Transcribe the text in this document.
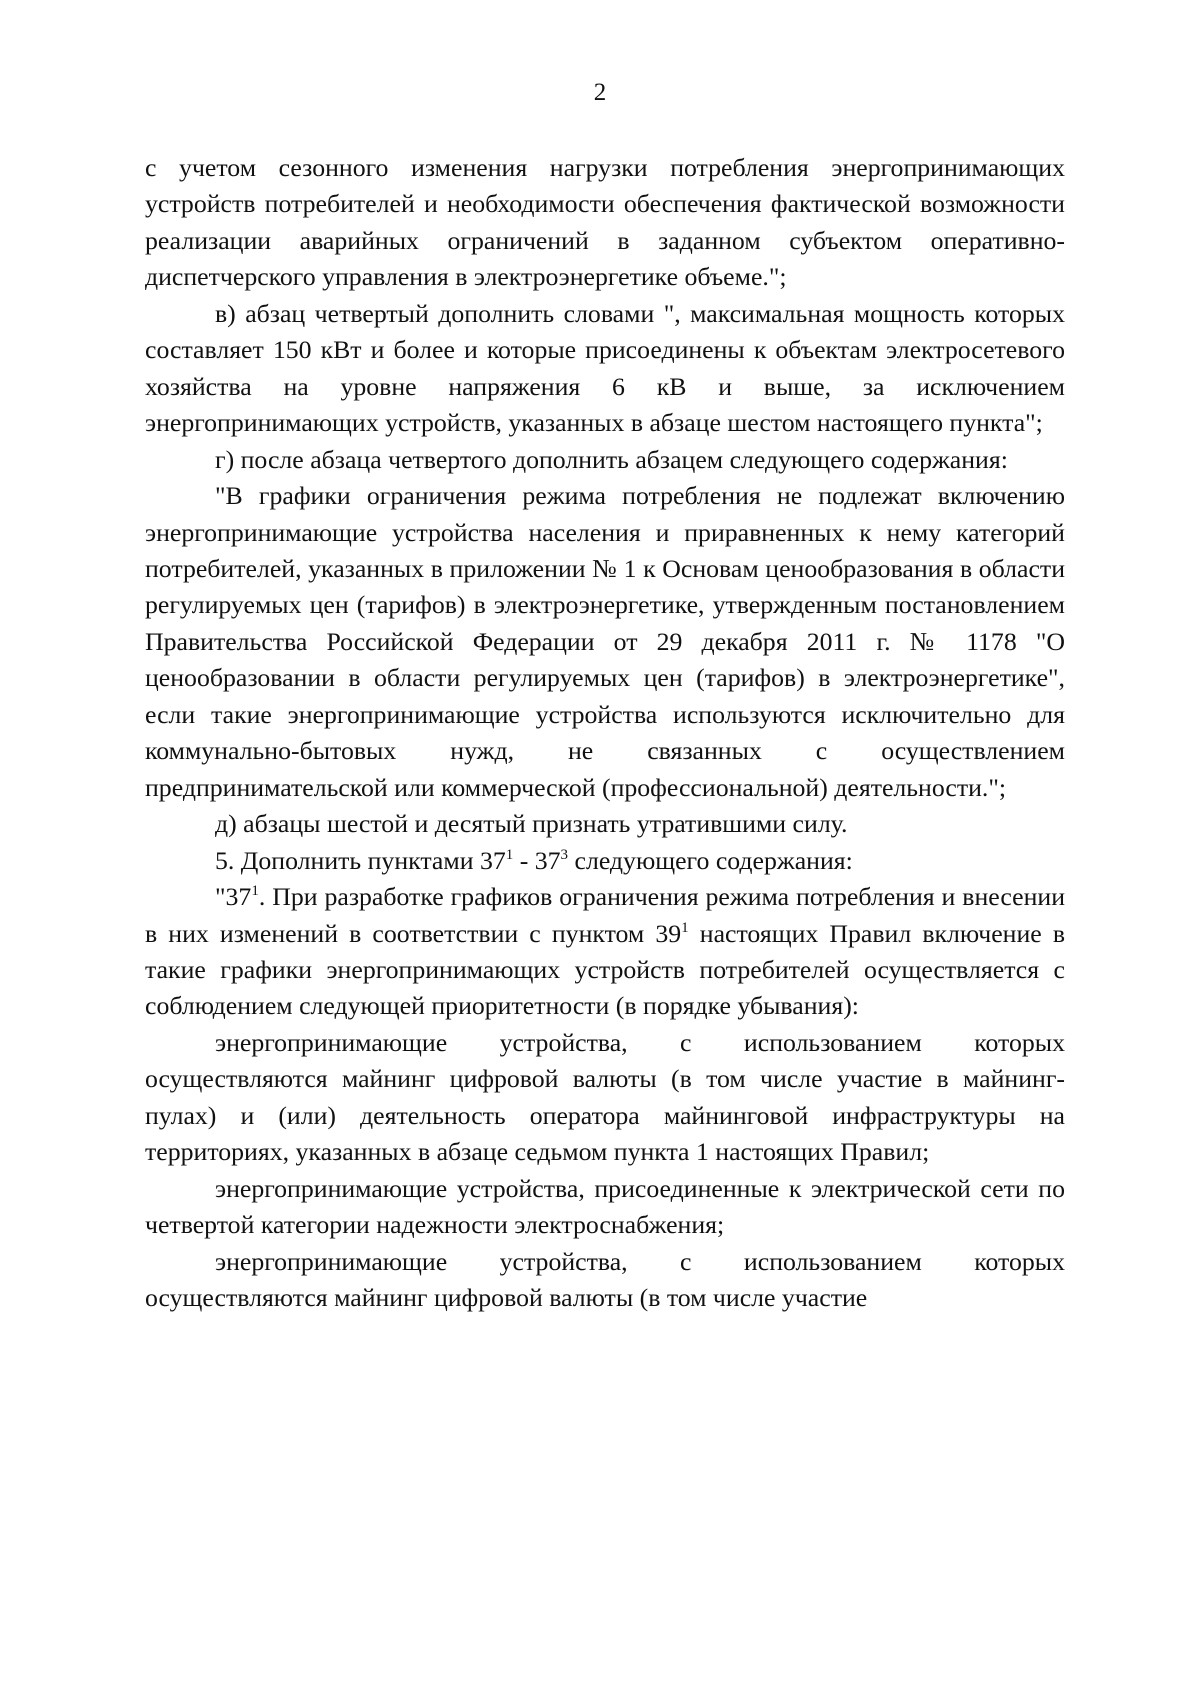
2

с учетом сезонного изменения нагрузки потребления энергопринимающих устройств потребителей и необходимости обеспечения фактической возможности реализации аварийных ограничений в заданном субъектом оперативно-диспетчерского управления в электроэнергетике объеме.";

в) абзац четвертый дополнить словами ", максимальная мощность которых составляет 150 кВт и более и которые присоединены к объектам электросетевого хозяйства на уровне напряжения 6 кВ и выше, за исключением энергопринимающих устройств, указанных в абзаце шестом настоящего пункта";

г) после абзаца четвертого дополнить абзацем следующего содержания:

"В графики ограничения режима потребления не подлежат включению энергопринимающие устройства населения и приравненных к нему категорий потребителей, указанных в приложении № 1 к Основам ценообразования в области регулируемых цен (тарифов) в электроэнергетике, утвержденным постановлением Правительства Российской Федерации от 29 декабря 2011 г. № 1178 "О ценообразовании в области регулируемых цен (тарифов) в электроэнергетике", если такие энергопринимающие устройства используются исключительно для коммунально-бытовых нужд, не связанных с осуществлением предпринимательской или коммерческой (профессиональной) деятельности.";

д) абзацы шестой и десятый признать утратившими силу.

5. Дополнить пунктами $37^1 - 37^3$ следующего содержания:

"$37^1$. При разработке графиков ограничения режима потребления и внесении в них изменений в соответствии с пунктом $39^1$ настоящих Правил включение в такие графики энергопринимающих устройств потребителей осуществляется с соблюдением следующей приоритетности (в порядке убывания):

энергопринимающие устройства, с использованием которых осуществляются майнинг цифровой валюты (в том числе участие в майнинг-пулах) и (или) деятельность оператора майнинговой инфраструктуры на территориях, указанных в абзаце седьмом пункта 1 настоящих Правил;

энергопринимающие устройства, присоединенные к электрической сети по четвертой категории надежности электроснабжения;

энергопринимающие устройства, с использованием которых осуществляются майнинг цифровой валюты (в том числе участие
